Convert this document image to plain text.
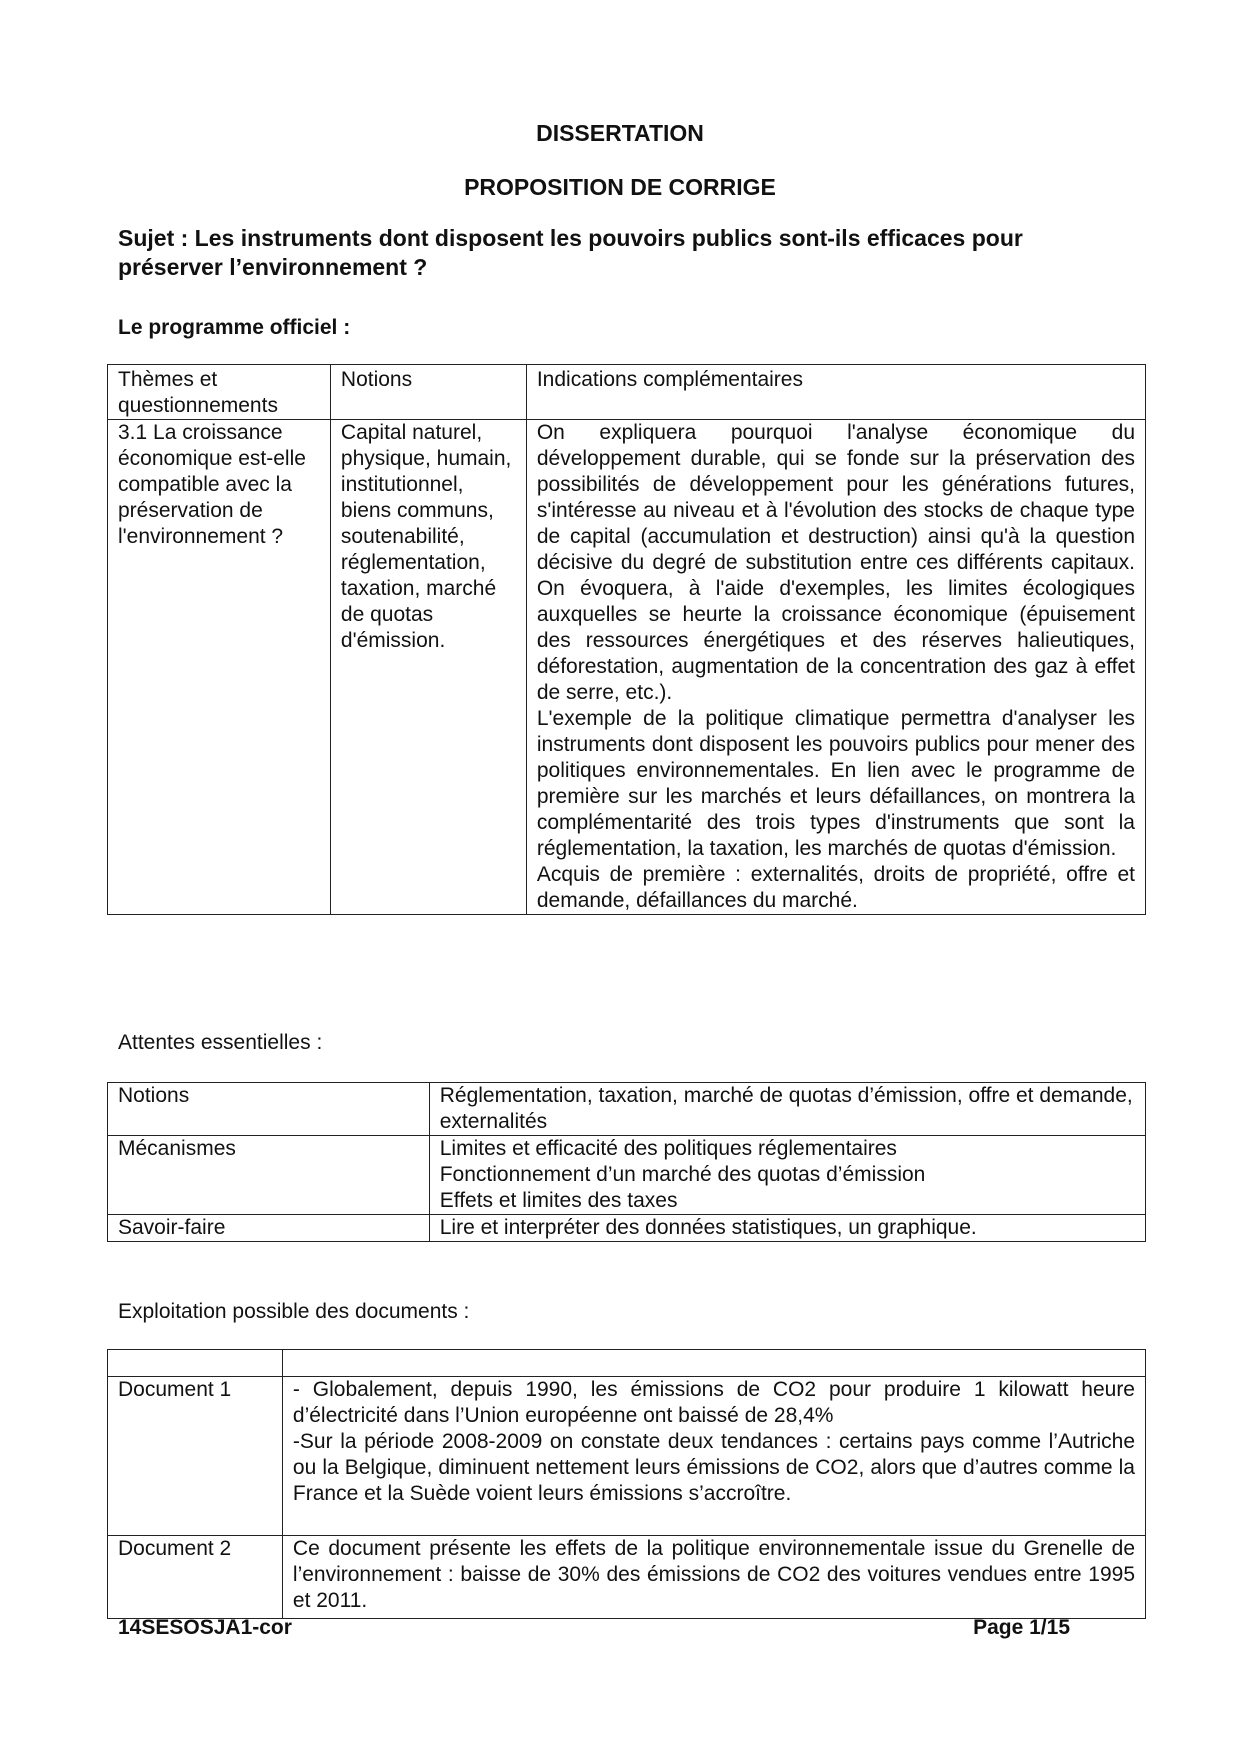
DISSERTATION
PROPOSITION DE CORRIGE
Sujet : Les instruments dont disposent les pouvoirs publics sont-ils efficaces pour préserver l’environnement ?
Le programme officiel :
Thèmes et questionnements	Notions	Indications complémentaires
3.1 La croissance économique est-elle compatible avec la préservation de l'environnement ?	Capital naturel, physique, humain, institutionnel, biens communs, soutenabilité, réglementation, taxation, marché de quotas d'émission.	On expliquera pourquoi l'analyse économique du développement durable, qui se fonde sur la préservation des possibilités de développement pour les générations futures, s'intéresse au niveau et à l'évolution des stocks de chaque type de capital (accumulation et destruction) ainsi qu'à la question décisive du degré de substitution entre ces différents capitaux. On évoquera, à l'aide d'exemples, les limites écologiques auxquelles se heurte la croissance économique (épuisement des ressources énergétiques et des réserves halieutiques, déforestation, augmentation de la concentration des gaz à effet de serre, etc.).
L'exemple de la politique climatique permettra d'analyser les instruments dont disposent les pouvoirs publics pour mener des politiques environnementales. En lien avec le programme de première sur les marchés et leurs défaillances, on montrera la complémentarité des trois types d'instruments que sont la réglementation, la taxation, les marchés de quotas d'émission.
Acquis de première : externalités, droits de propriété, offre et demande, défaillances du marché.
Attentes essentielles :
Notions	Réglementation, taxation, marché de quotas d’émission, offre et demande, externalités

Mécanismes	Limites et efficacité des politiques réglementaires
Fonctionnement d’un marché des quotas d’émission
Effets et limites des taxes

Savoir-faire	Lire et interpréter des données statistiques, un graphique.
Exploitation possible des documents :

Document 1	- Globalement, depuis 1990, les émissions de CO2 pour produire 1 kilowatt heure d’électricité dans l’Union européenne ont baissé de 28,4%
-Sur la période 2008-2009 on constate deux tendances : certains pays comme l’Autriche ou la Belgique, diminuent nettement leurs émissions de CO2, alors que d’autres comme la France et la Suède voient leurs émissions s’accroître.

Document 2	Ce document présente les effets de la politique environnementale issue du Grenelle de l’environnement : baisse de 30% des émissions de CO2 des voitures vendues entre 1995 et 2011.
14SESOSJA1-cor	Page 1/15
